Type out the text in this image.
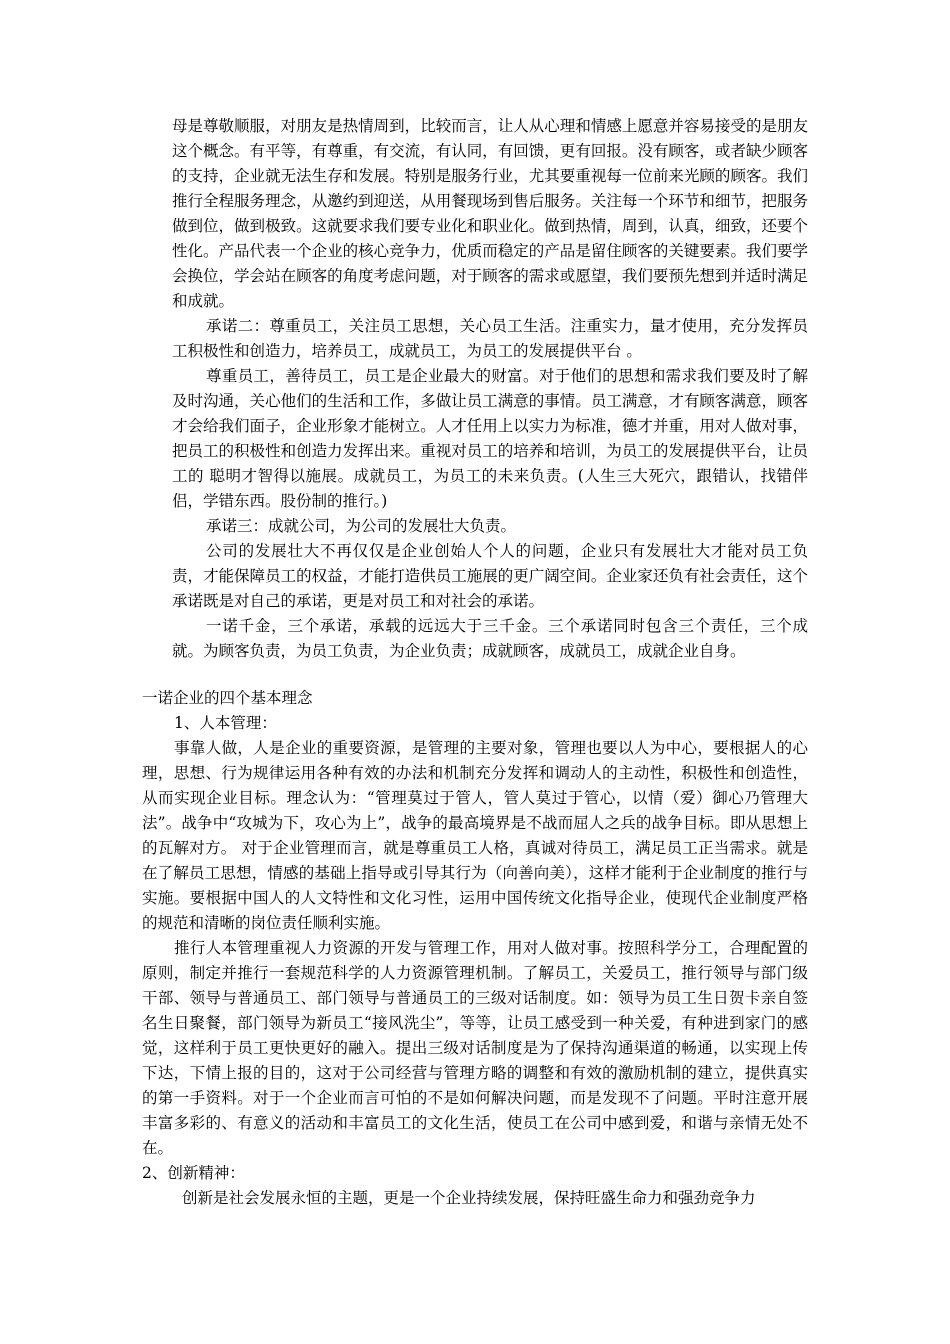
母是尊敬顺服，对朋友是热情周到，比较而言，让人从心理和情感上愿意并容易接受的是朋友这个概念。有平等，有尊重，有交流，有认同，有回馈，更有回报。没有顾客，或者缺少顾客的支持，企业就无法生存和发展。特别是服务行业，尤其要重视每一位前来光顾的顾客。我们推行全程服务理念，从邀约到迎送，从用餐现场到售后服务。关注每一个环节和细节，把服务做到位，做到极致。这就要求我们要专业化和职业化。做到热情，周到，认真，细致，还要个性化。产品代表一个企业的核心竞争力，优质而稳定的产品是留住顾客的关键要素。我们要学会换位，学会站在顾客的角度考虑问题，对于顾客的需求或愿望，我们要预先想到并适时满足和成就。

承诺二：尊重员工，关注员工思想，关心员工生活。注重实力，量才使用，充分发挥员工积极性和创造力，培养员工，成就员工，为员工的发展提供平台 。

尊重员工，善待员工，员工是企业最大的财富。对于他们的思想和需求我们要及时了解及时沟通，关心他们的生活和工作，多做让员工满意的事情。员工满意，才有顾客满意，顾客才会给我们面子，企业形象才能树立。人才任用上以实力为标准，德才并重，用对人做对事，把员工的积极性和创造力发挥出来。重视对员工的培养和培训，为员工的发展提供平台，让员工的 聪明才智得以施展。成就员工，为员工的未来负责。(人生三大死穴，跟错认，找错伴侣，学错东西。股份制的推行。)

承诺三：成就公司，为公司的发展壮大负责。

公司的发展壮大不再仅仅是企业创始人个人的问题，企业只有发展壮大才能对员工负责，才能保障员工的权益，才能打造供员工施展的更广阔空间。企业家还负有社会责任，这个承诺既是对自己的承诺，更是对员工和对社会的承诺。

一诺千金，三个承诺，承载的远远大于三千金。三个承诺同时包含三个责任，三个成就。为顾客负责，为员工负责，为企业负责；成就顾客，成就员工，成就企业自身。

一诺企业的四个基本理念

1、人本管理：

事靠人做，人是企业的重要资源，是管理的主要对象，管理也要以人为中心，要根据人的心理，思想、行为规律运用各种有效的办法和机制充分发挥和调动人的主动性，积极性和创造性，从而实现企业目标。理念认为：“管理莫过于管人，管人莫过于管心，以情（爱）御心乃管理大法”。战争中“攻城为下，攻心为上”，战争的最高境界是不战而屈人之兵的战争目标。即从思想上的瓦解对方。 对于企业管理而言，就是尊重员工人格，真诚对待员工，满足员工正当需求。就是在了解员工思想，情感的基础上指导或引导其行为（向善向美），这样才能利于企业制度的推行与实施。要根据中国人的人文特性和文化习性，运用中国传统文化指导企业，使现代企业制度严格的规范和清晰的岗位责任顺利实施。

推行人本管理重视人力资源的开发与管理工作，用对人做对事。按照科学分工，合理配置的原则，制定并推行一套规范科学的人力资源管理机制。了解员工，关爱员工，推行领导与部门级干部、领导与普通员工、部门领导与普通员工的三级对话制度。如：领导为员工生日贺卡亲自签名生日聚餐，部门领导为新员工“接风洗尘”，等等，让员工感受到一种关爱，有种进到家门的感觉，这样利于员工更快更好的融入。提出三级对话制度是为了保持沟通渠道的畅通，以实现上传下达，下情上报的目的，这对于公司经营与管理方略的调整和有效的激励机制的建立，提供真实的第一手资料。对于一个企业而言可怕的不是如何解决问题，而是发现不了问题。平时注意开展丰富多彩的、有意义的活动和丰富员工的文化生活，使员工在公司中感到爱，和谐与亲情无处不在。

2、创新精神：

创新是社会发展永恒的主题，更是一个企业持续发展，保持旺盛生命力和强劲竞争力
